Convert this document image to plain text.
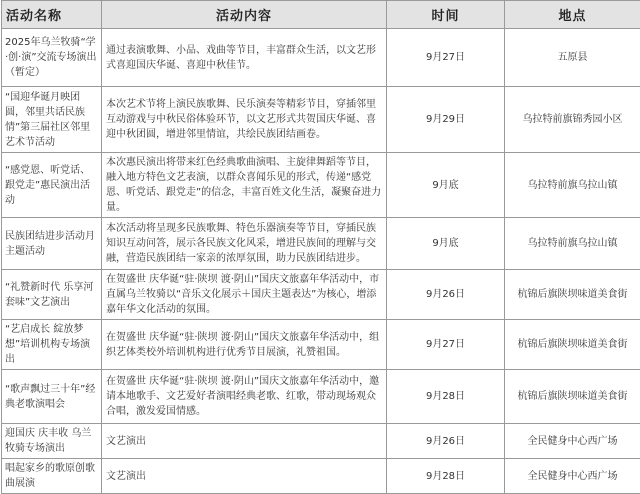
活动名称	活动内容	时间	地点
2025年乌兰牧骑“学·创·演”交流专场演出（暂定）	通过表演歌舞、小品、戏曲等节目，丰富群众生活，以文艺形式喜迎国庆华诞、喜迎中秋佳节。	9月27日	五原县
“国迎华诞月映团圆，邻里共话民族情”第三届社区邻里艺术节活动	本次艺术节将上演民族歌舞、民乐演奏等精彩节目，穿插邻里互动游戏与中秋民俗体验环节，以文艺形式共贺国庆华诞、喜迎中秋团圆，增进邻里情谊，共绘民族团结画卷。	9月29日	乌拉特前旗锦秀园小区
“感党恩、听党话、跟党走”惠民演出活动	本次惠民演出将带来红色经典歌曲演唱、主旋律舞蹈等节目，融入地方特色文艺表演，以群众喜闻乐见的形式，传递“感党恩、听党话、跟党走”的信念，丰富百姓文化生活，凝聚奋进力量。	9月底	乌拉特前旗乌拉山镇
民族团结进步活动月主题活动	本次活动将呈现多民族歌舞、特色乐器演奏等节目，穿插民族知识互动问答，展示各民族文化风采，增进民族间的理解与交融，营造民族团结一家亲的浓厚氛围，助力民族团结进步。	9月底	乌拉特前旗乌拉山镇
“礼赞新时代 乐享河套味”文艺演出	在贺盛世 庆华诞“驻·陕坝 渡·阴山”国庆文旅嘉年华活动中，市直属乌兰牧骑以“音乐文化展示＋国庆主题表达”为核心，增添嘉年华文化活动的氛围。	9月26日	杭锦后旗陕坝味道美食街
“艺启成长 綻放梦想”培训机构专场演出	在贺盛世 庆华诞“驻·陕坝 渡·阴山”国庆文旅嘉年华活动中，组织艺体类校外培训机构进行优秀节目展演，礼赞祖国。	9月27日	杭锦后旗陕坝味道美食街
“歌声飘过三十年”经典老歌演唱会	在贺盛世 庆华诞“驻·陕坝 渡·阴山”国庆文旅嘉年华活动中，邀请本地歌手、文艺爱好者演唱经典老歌、红歌，带动现场观众合唱，激发爱国情感。	9月28日	杭锦后旗陕坝味道美食街
迎国庆 庆丰收 乌兰牧骑专场演出	文艺演出	9月26日	全民健身中心西广场
唱起家乡的歌原创歌曲展演	文艺演出	9月28日	全民健身中心西广场
